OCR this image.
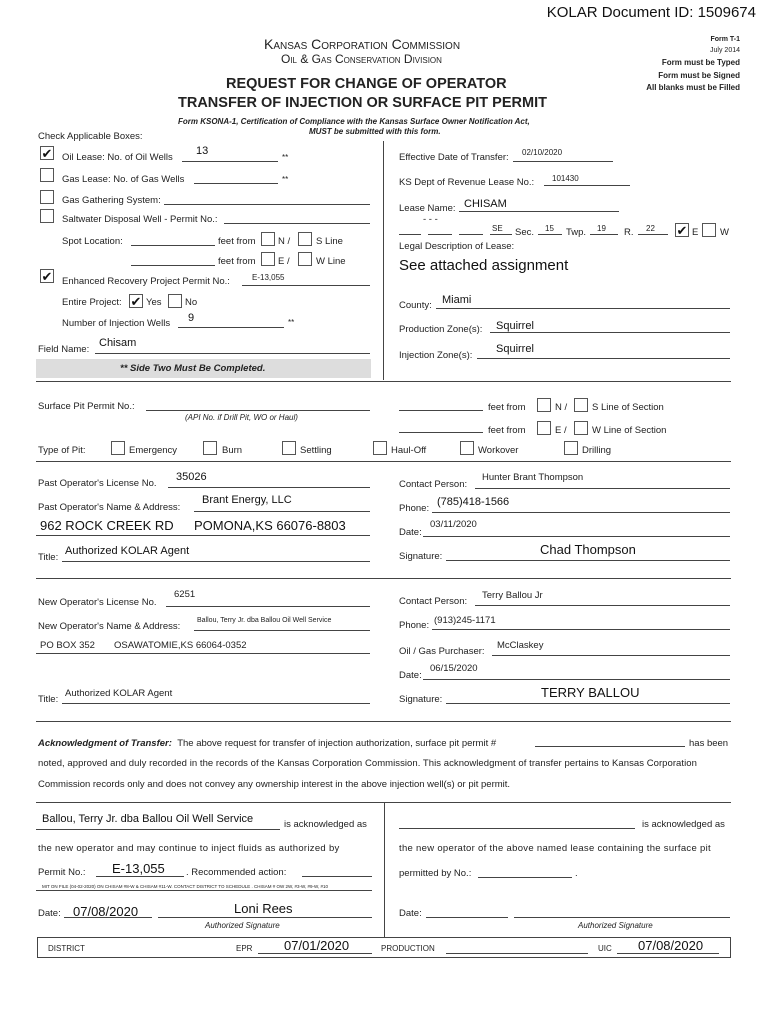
KOLAR Document ID: 1509674
Kansas Corporation Commission
Oil & Gas Conservation Division
Form T-1
July 2014
Form must be Typed
Form must be Signed
All blanks must be Filled
REQUEST FOR CHANGE OF OPERATOR
TRANSFER OF INJECTION OR SURFACE PIT PERMIT
Form KSONA-1, Certification of Compliance with the Kansas Surface Owner Notification Act,
MUST be submitted with this form.
Check Applicable Boxes:
✔ Oil Lease: No. of Oil Wells
13
**
Gas Lease: No. of Gas Wells	**
Gas Gathering System:
Saltwater Disposal Well - Permit No.:
Spot Location:	feet from N /	S Line
feet from E /	W Line
✔ Enhanced Recovery Project Permit No.:	E-13,055
Entire Project: ✔ Yes No
Number of Injection Wells 9	**
Field Name:
Chisam
** Side Two Must Be Completed.
Effective Date of Transfer: 02/10/2020
KS Dept of Revenue Lease No.: 101430
Lease Name: CHISAM
- - -
SE Sec. 15 Twp. 19 R. 22 ✔ E W
Legal Description of Lease:
See attached assignment
County: Miami
Production Zone(s): Squirrel
Injection Zone(s):
Squirrel
Surface Pit Permit No.:
(API No. if Drill Pit, WO or Haul)
feet from	N /	S Line of Section
feet from	E /	W Line of Section
Type of Pit:	Emergency	Burn	Settling	Haul-Off	Workover	Drilling
Past Operator's License No.
35026
Past Operator's Name & Address:
Brant Energy, LLC
962 ROCK CREEK RD POMONA,KS 66076-8803
Title:
Authorized KOLAR Agent
Contact Person:
Hunter Brant Thompson
Phone:
(785)418-1566
Date:
03/11/2020
Signature:	Chad Thompson
New Operator's License No.
6251
New Operator's Name & Address:
Ballou, Terry Jr. dba Ballou Oil Well Service
PO BOX 352 OSAWATOMIE,KS 66064-0352
Title:
Authorized KOLAR Agent
Contact Person:
Terry Ballou Jr
Phone: (913)245-1171
Oil / Gas Purchaser:
McClaskey
Date:
06/15/2020
Signature:	TERRY BALLOU
Acknowledgment of Transfer: The above request for transfer of injection authorization, surface pit permit #	has been
noted, approved and duly recorded in the records of the Kansas Corporation Commission. This acknowledgment of transfer pertains to Kansas Corporation
Commission records only and does not convey any ownership interest in the above injection well(s) or pit permit.
Ballou, Terry Jr. dba Ballou Oil Well Service	is acknowledged as	is acknowledged as
the new operator and may continue to inject fluids as authorized by	the new operator of the above named lease containing the surface pit
Permit No.: E-13,055 . Recommended action:	permitted by No.:	.
MIT ON FILE (04-02-2020) ON CHISAM #8-W & CHISAM #11-W. CONTACT DISTRICT TO SCHEDULE . CHISAM # OW 2W, #3-W, #9-W, #10
Date: 07/08/2020	Loni Rees
Authorized Signature
Date:
Authorized Signature
DISTRICT	EPR 07/01/2020	PRODUCTION	UIC 07/08/2020
